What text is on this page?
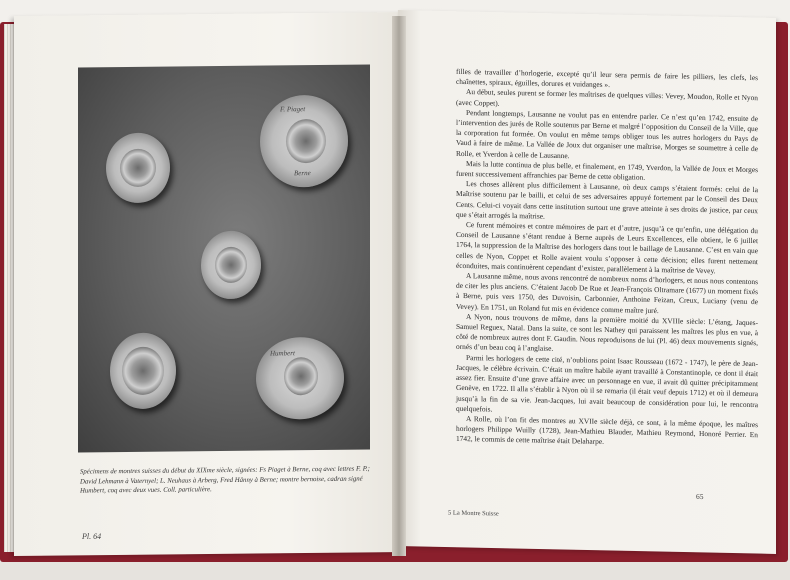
F. Piaget
Berne
Humbert
Spécimens de montres suisses du début du XIXme siècle, signées: Fs Piaget à Berne, coq avec lettres F. P.; David Lehmann à Vaternyel; L. Neuhaus à Arberg, Fred Hänny à Berne; montre bernoise, cadran signé Humbert, coq avec deux vues. Coll. particulière.
Pl. 64

filles de travailler d’horlogerie, excepté qu’il leur sera permis de faire les pilliers, les clefs, les chaînettes, spiraux, éguilles, dorures et vuidanges ».

Au début, seules purent se former les maîtrises de quelques villes: Vevey, Moudon, Rolle et Nyon (avec Coppet).

Pendant longtemps, Lausanne ne voulut pas en entendre parler. Ce n’est qu’en 1742, ensuite de l’intervention des jurés de Rolle soutenus par Berne et malgré l’opposition du Conseil de la Ville, que la corporation fut formée. On voulut en même temps obliger tous les autres horlogers du Pays de Vaud à faire de même. La Vallée de Joux dut organiser une maîtrise, Morges se soumettre à celle de Rolle, et Yverdon à celle de Lausanne.

Mais la lutte continua de plus belle, et finalement, en 1749, Yverdon, la Vallée de Joux et Morges furent successivement affranchies par Berne de cette obligation.

Les choses allèrent plus difficilement à Lausanne, où deux camps s’étaient formés: celui de la Maîtrise soutenu par le bailli, et celui de ses adversaires appuyé fortement par le Conseil des Deux Cents. Celui-ci voyait dans cette institution surtout une grave atteinte à ses droits de justice, par ceux que s’était arrogés la maîtrise.

Ce furent mémoires et contre mémoires de part et d’autre, jusqu’à ce qu’enfin, une délégation du Conseil de Lausanne s’étant rendue à Berne auprès de Leurs Excellences, elle obtient, le 6 juillet 1764, la suppression de la Maîtrise des horlogers dans tout le baillage de Lausanne. C’est en vain que celles de Nyon, Coppet et Rolle avaient voulu s’opposer à cette décision; elles furent nettement éconduites, mais continuèrent cependant d’exister, parallèlement à la maîtrise de Vevey.

A Lausanne même, nous avons rencontré de nombreux noms d’horlogers, et nous nous contentons de citer les plus anciens. C’étaient Jacob De Rue et Jean-François Oltramare (1677) un moment fixés à Berne, puis vers 1750, des Duvoisin, Carbonnier, Anthoine Feizan, Creux, Luciany (venu de Vevey). En 1751, un Roland fut mis en évidence comme maître juré.

A Nyon, nous trouvons de même, dans la première moitié du XVIIIe siècle: L’étang, Jaques-Samuel Reguex, Natal. Dans la suite, ce sont les Nathey qui paraissent les maîtres les plus en vue, à côté de nombreux autres dont F. Gaudin. Nous reproduisons de lui (Pl. 46) deux mouvements signés, ornés d’un beau coq à l’anglaise.

Parmi les horlogers de cette cité, n’oublions point Isaac Rousseau (1672 - 1747), le père de Jean-Jacques, le célèbre écrivain. C’était un maître habile ayant travaillé à Constantinople, ce dont il était assez fier. Ensuite d’une grave affaire avec un personnage en vue, il avait dû quitter précipitamment Genève, en 1722. Il alla s’établir à Nyon où il se remaria (il était veuf depuis 1712) et où il demeura jusqu’à la fin de sa vie. Jean-Jacques, lui avait beaucoup de considération pour lui, le rencontra quelquefois.

A Rolle, où l’on fit des montres au XVIIe siècle déjà, ce sont, à la même époque, les maîtres horlogers Philippe Wuilly (1728), Jean-Mathieu Blauder, Mathieu Reymond, Honoré Perrier. En 1742, le commis de cette maîtrise était Delaharpe.

65
5 La Montre Suisse
